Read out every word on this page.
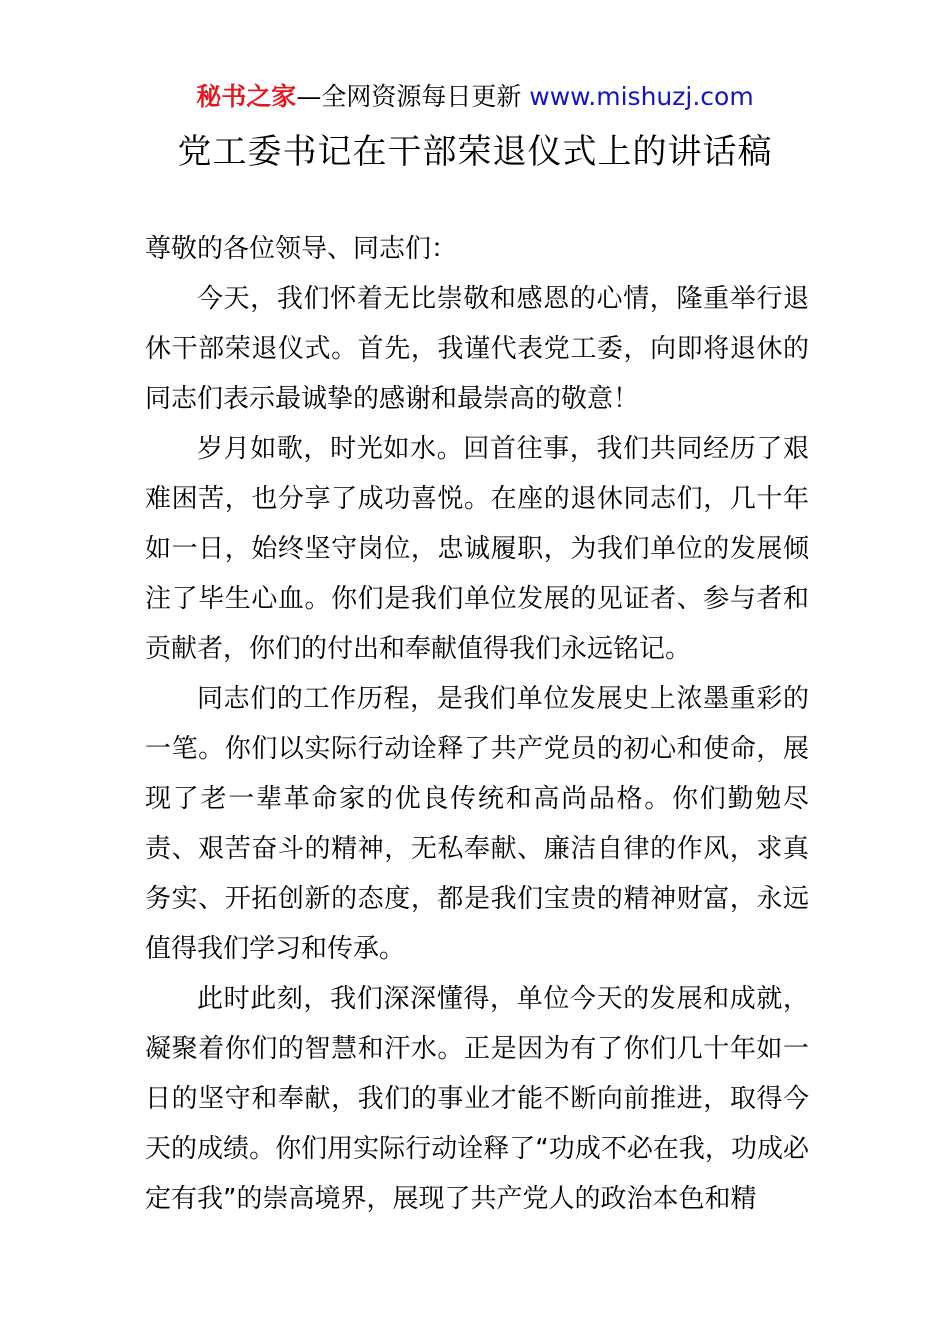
秘书之家—全网资源每日更新 www.mishuzj.com
党工委书记在干部荣退仪式上的讲话稿

尊敬的各位领导、同志们：

今天，我们怀着无比崇敬和感恩的心情，隆重举行退休干部荣退仪式。首先，我谨代表党工委，向即将退休的同志们表示最诚挚的感谢和最崇高的敬意！

岁月如歌，时光如水。回首往事，我们共同经历了艰难困苦，也分享了成功喜悦。在座的退休同志们，几十年如一日，始终坚守岗位，忠诚履职，为我们单位的发展倾注了毕生心血。你们是我们单位发展的见证者、参与者和贡献者，你们的付出和奉献值得我们永远铭记。

同志们的工作历程，是我们单位发展史上浓墨重彩的一笔。你们以实际行动诠释了共产党员的初心和使命，展现了老一辈革命家的优良传统和高尚品格。你们勤勉尽责、艰苦奋斗的精神，无私奉献、廉洁自律的作风，求真务实、开拓创新的态度，都是我们宝贵的精神财富，永远值得我们学习和传承。

此时此刻，我们深深懂得，单位今天的发展和成就，凝聚着你们的智慧和汗水。正是因为有了你们几十年如一日的坚守和奉献，我们的事业才能不断向前推进，取得今天的成绩。你们用实际行动诠释了“功成不必在我，功成必定有我”的崇高境界，展现了共产党人的政治本色和精
